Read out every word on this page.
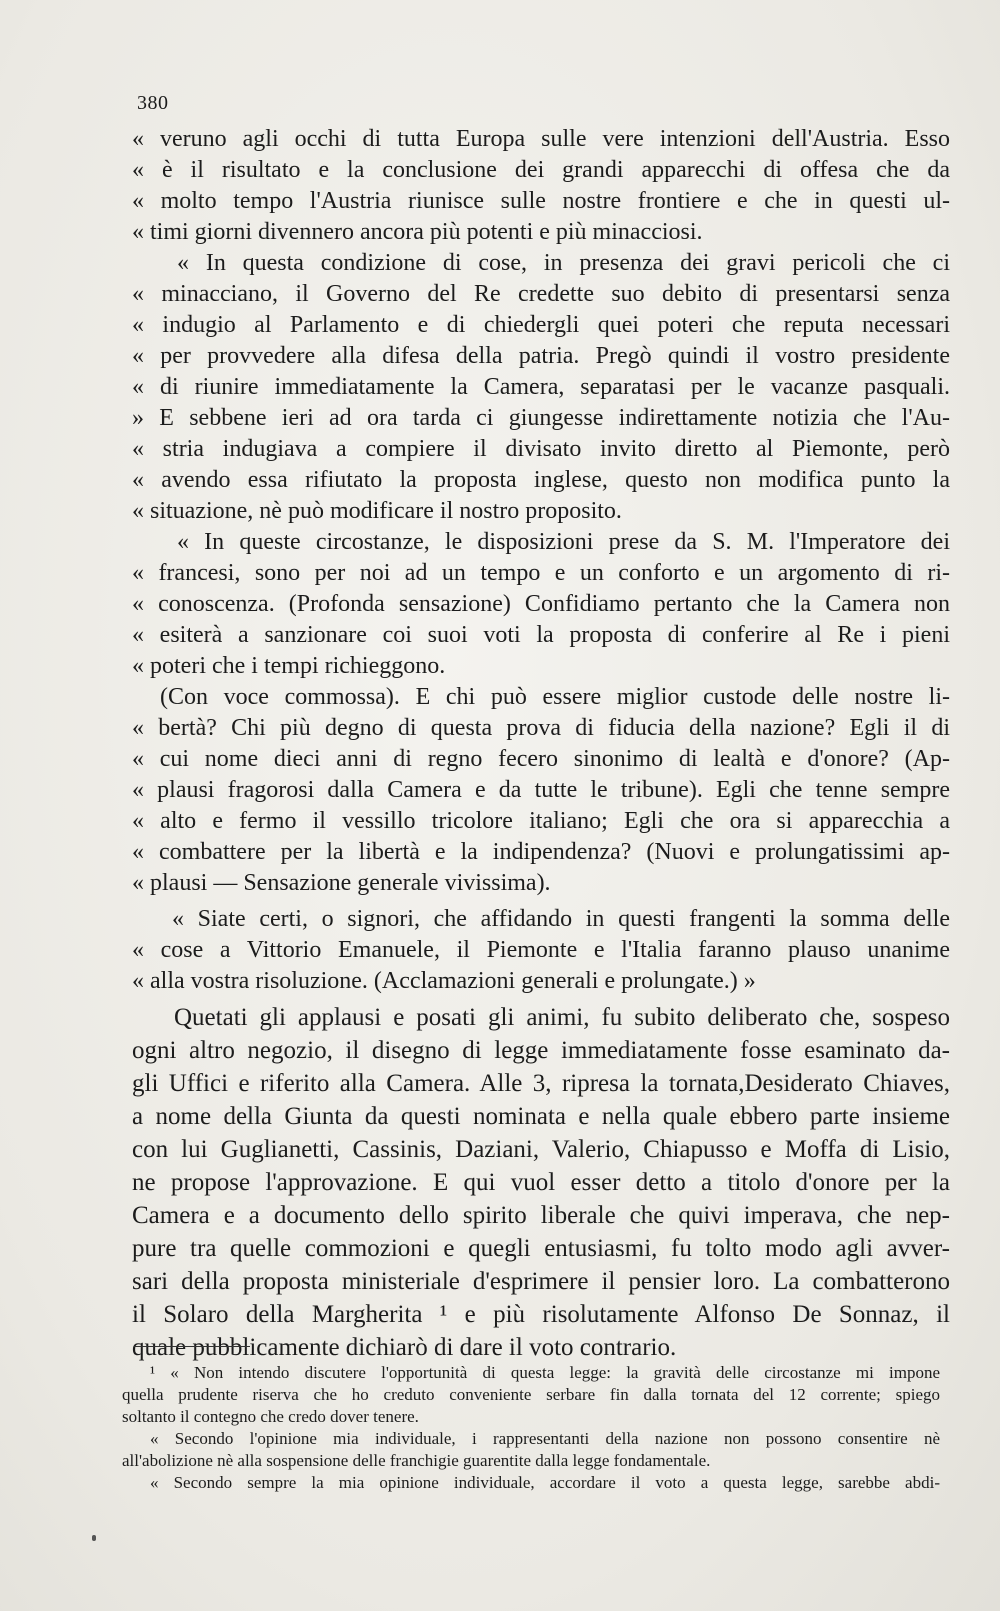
380
« veruno agli occhi di tutta Europa sulle vere intenzioni dell'Austria. Esso
« è il risultato e la conclusione dei grandi apparecchi di offesa che da
« molto tempo l'Austria riunisce sulle nostre frontiere e che in questi ul-
« timi giorni divennero ancora più potenti e più minacciosi.
« In questa condizione di cose, in presenza dei gravi pericoli che ci
« minacciano, il Governo del Re credette suo debito di presentarsi senza
« indugio al Parlamento e di chiedergli quei poteri che reputa necessari
« per provvedere alla difesa della patria. Pregò quindi il vostro presidente
« di riunire immediatamente la Camera, separatasi per le vacanze pasquali.
» E sebbene ieri ad ora tarda ci giungesse indirettamente notizia che l'Au-
« stria indugiava a compiere il divisato invito diretto al Piemonte, però
« avendo essa rifiutato la proposta inglese, questo non modifica punto la
« situazione, nè può modificare il nostro proposito.
« In queste circostanze, le disposizioni prese da S. M. l'Imperatore dei
« francesi, sono per noi ad un tempo e un conforto e un argomento di ri-
« conoscenza. (Profonda sensazione) Confidiamo pertanto che la Camera non
« esiterà a sanzionare coi suoi voti la proposta di conferire al Re i pieni
« poteri che i tempi richieggono.
(Con voce commossa). E chi può essere miglior custode delle nostre li-
« bertà? Chi più degno di questa prova di fiducia della nazione? Egli il di
« cui nome dieci anni di regno fecero sinonimo di lealtà e d'onore? (Ap-
« plausi fragorosi dalla Camera e da tutte le tribune). Egli che tenne sempre
« alto e fermo il vessillo tricolore italiano; Egli che ora si apparecchia a
« combattere per la libertà e la indipendenza? (Nuovi e prolungatissimi ap-
« plausi — Sensazione generale vivissima).
« Siate certi, o signori, che affidando in questi frangenti la somma delle
« cose a Vittorio Emanuele, il Piemonte e l'Italia faranno plauso unanime
« alla vostra risoluzione. (Acclamazioni generali e prolungate.) »
Quetati gli applausi e posati gli animi, fu subito deliberato che, sospeso
ogni altro negozio, il disegno di legge immediatamente fosse esaminato da-
gli Uffici e riferito alla Camera. Alle 3, ripresa la tornata,Desiderato Chiaves,
a nome della Giunta da questi nominata e nella quale ebbero parte insieme
con lui Guglianetti, Cassinis, Daziani, Valerio, Chiapusso e Moffa di Lisio,
ne propose l'approvazione. E qui vuol esser detto a titolo d'onore per la
Camera e a documento dello spirito liberale che quivi imperava, che nep-
pure tra quelle commozioni e quegli entusiasmi, fu tolto modo agli avver-
sari della proposta ministeriale d'esprimere il pensier loro. La combatterono
il Solaro della Margherita ¹ e più risolutamente Alfonso De Sonnaz, il
quale pubblicamente dichiarò di dare il voto contrario.
¹ « Non intendo discutere l'opportunità di questa legge: la gravità delle circostanze mi impone
quella prudente riserva che ho creduto conveniente serbare fin dalla tornata del 12 corrente; spiego
soltanto il contegno che credo dover tenere.
« Secondo l'opinione mia individuale, i rappresentanti della nazione non possono consentire nè
all'abolizione nè alla sospensione delle franchigie guarentite dalla legge fondamentale.
« Secondo sempre la mia opinione individuale, accordare il voto a questa legge, sarebbe abdi-
